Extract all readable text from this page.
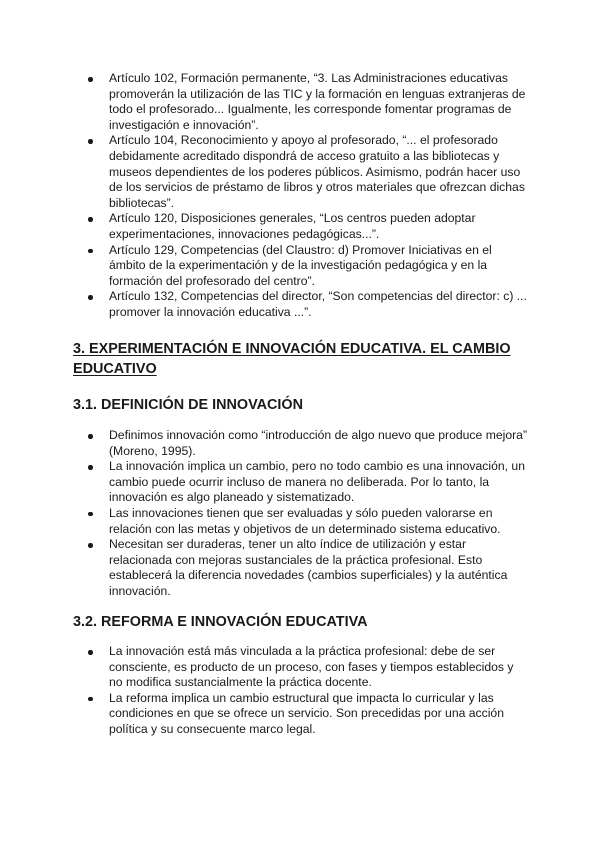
Artículo 102, Formación permanente, “3. Las Administraciones educativas promoverán la utilización de las TIC y la formación en lenguas extranjeras de todo el profesorado... Igualmente, les corresponde fomentar programas de investigación e innovación”.
Artículo 104, Reconocimiento y apoyo al profesorado, “... el profesorado debidamente acreditado dispondrá de acceso gratuito a las bibliotecas y museos dependientes de los poderes públicos. Asimismo, podrán hacer uso de los servicios de préstamo de libros y otros materiales que ofrezcan dichas bibliotecas”.
Artículo 120, Disposiciones generales, “Los centros pueden adoptar experimentaciones, innovaciones pedagógicas...”.
Artículo 129, Competencias (del Claustro: d) Promover Iniciativas en el ámbito de la experimentación y de la investigación pedagógica y en la formación del profesorado del centro”.
Artículo 132, Competencias del director, “Son competencias del director: c) ... promover la innovación educativa ...”.
3. EXPERIMENTACIÓN E INNOVACIÓN EDUCATIVA. EL CAMBIO EDUCATIVO
3.1. DEFINICIÓN DE INNOVACIÓN
Definimos innovación como “introducción de algo nuevo que produce mejora” (Moreno, 1995).
La innovación implica un cambio, pero no todo cambio es una innovación, un cambio puede ocurrir incluso de manera no deliberada. Por lo tanto, la innovación es algo planeado y sistematizado.
Las innovaciones tienen que ser evaluadas y sólo pueden valorarse en relación con las metas y objetivos de un determinado sistema educativo.
Necesitan ser duraderas, tener un alto índice de utilización y estar relacionada con mejoras sustanciales de la práctica profesional. Esto establecerá la diferencia novedades (cambios superficiales) y la auténtica innovación.
3.2. REFORMA E INNOVACIÓN EDUCATIVA
La innovación está más vinculada a la práctica profesional: debe de ser consciente, es producto de un proceso, con fases y tiempos establecidos y no modifica sustancialmente la práctica docente.
La reforma implica un cambio estructural que impacta lo curricular y las condiciones en que se ofrece un servicio. Son precedidas por una acción política y su consecuente marco legal.
